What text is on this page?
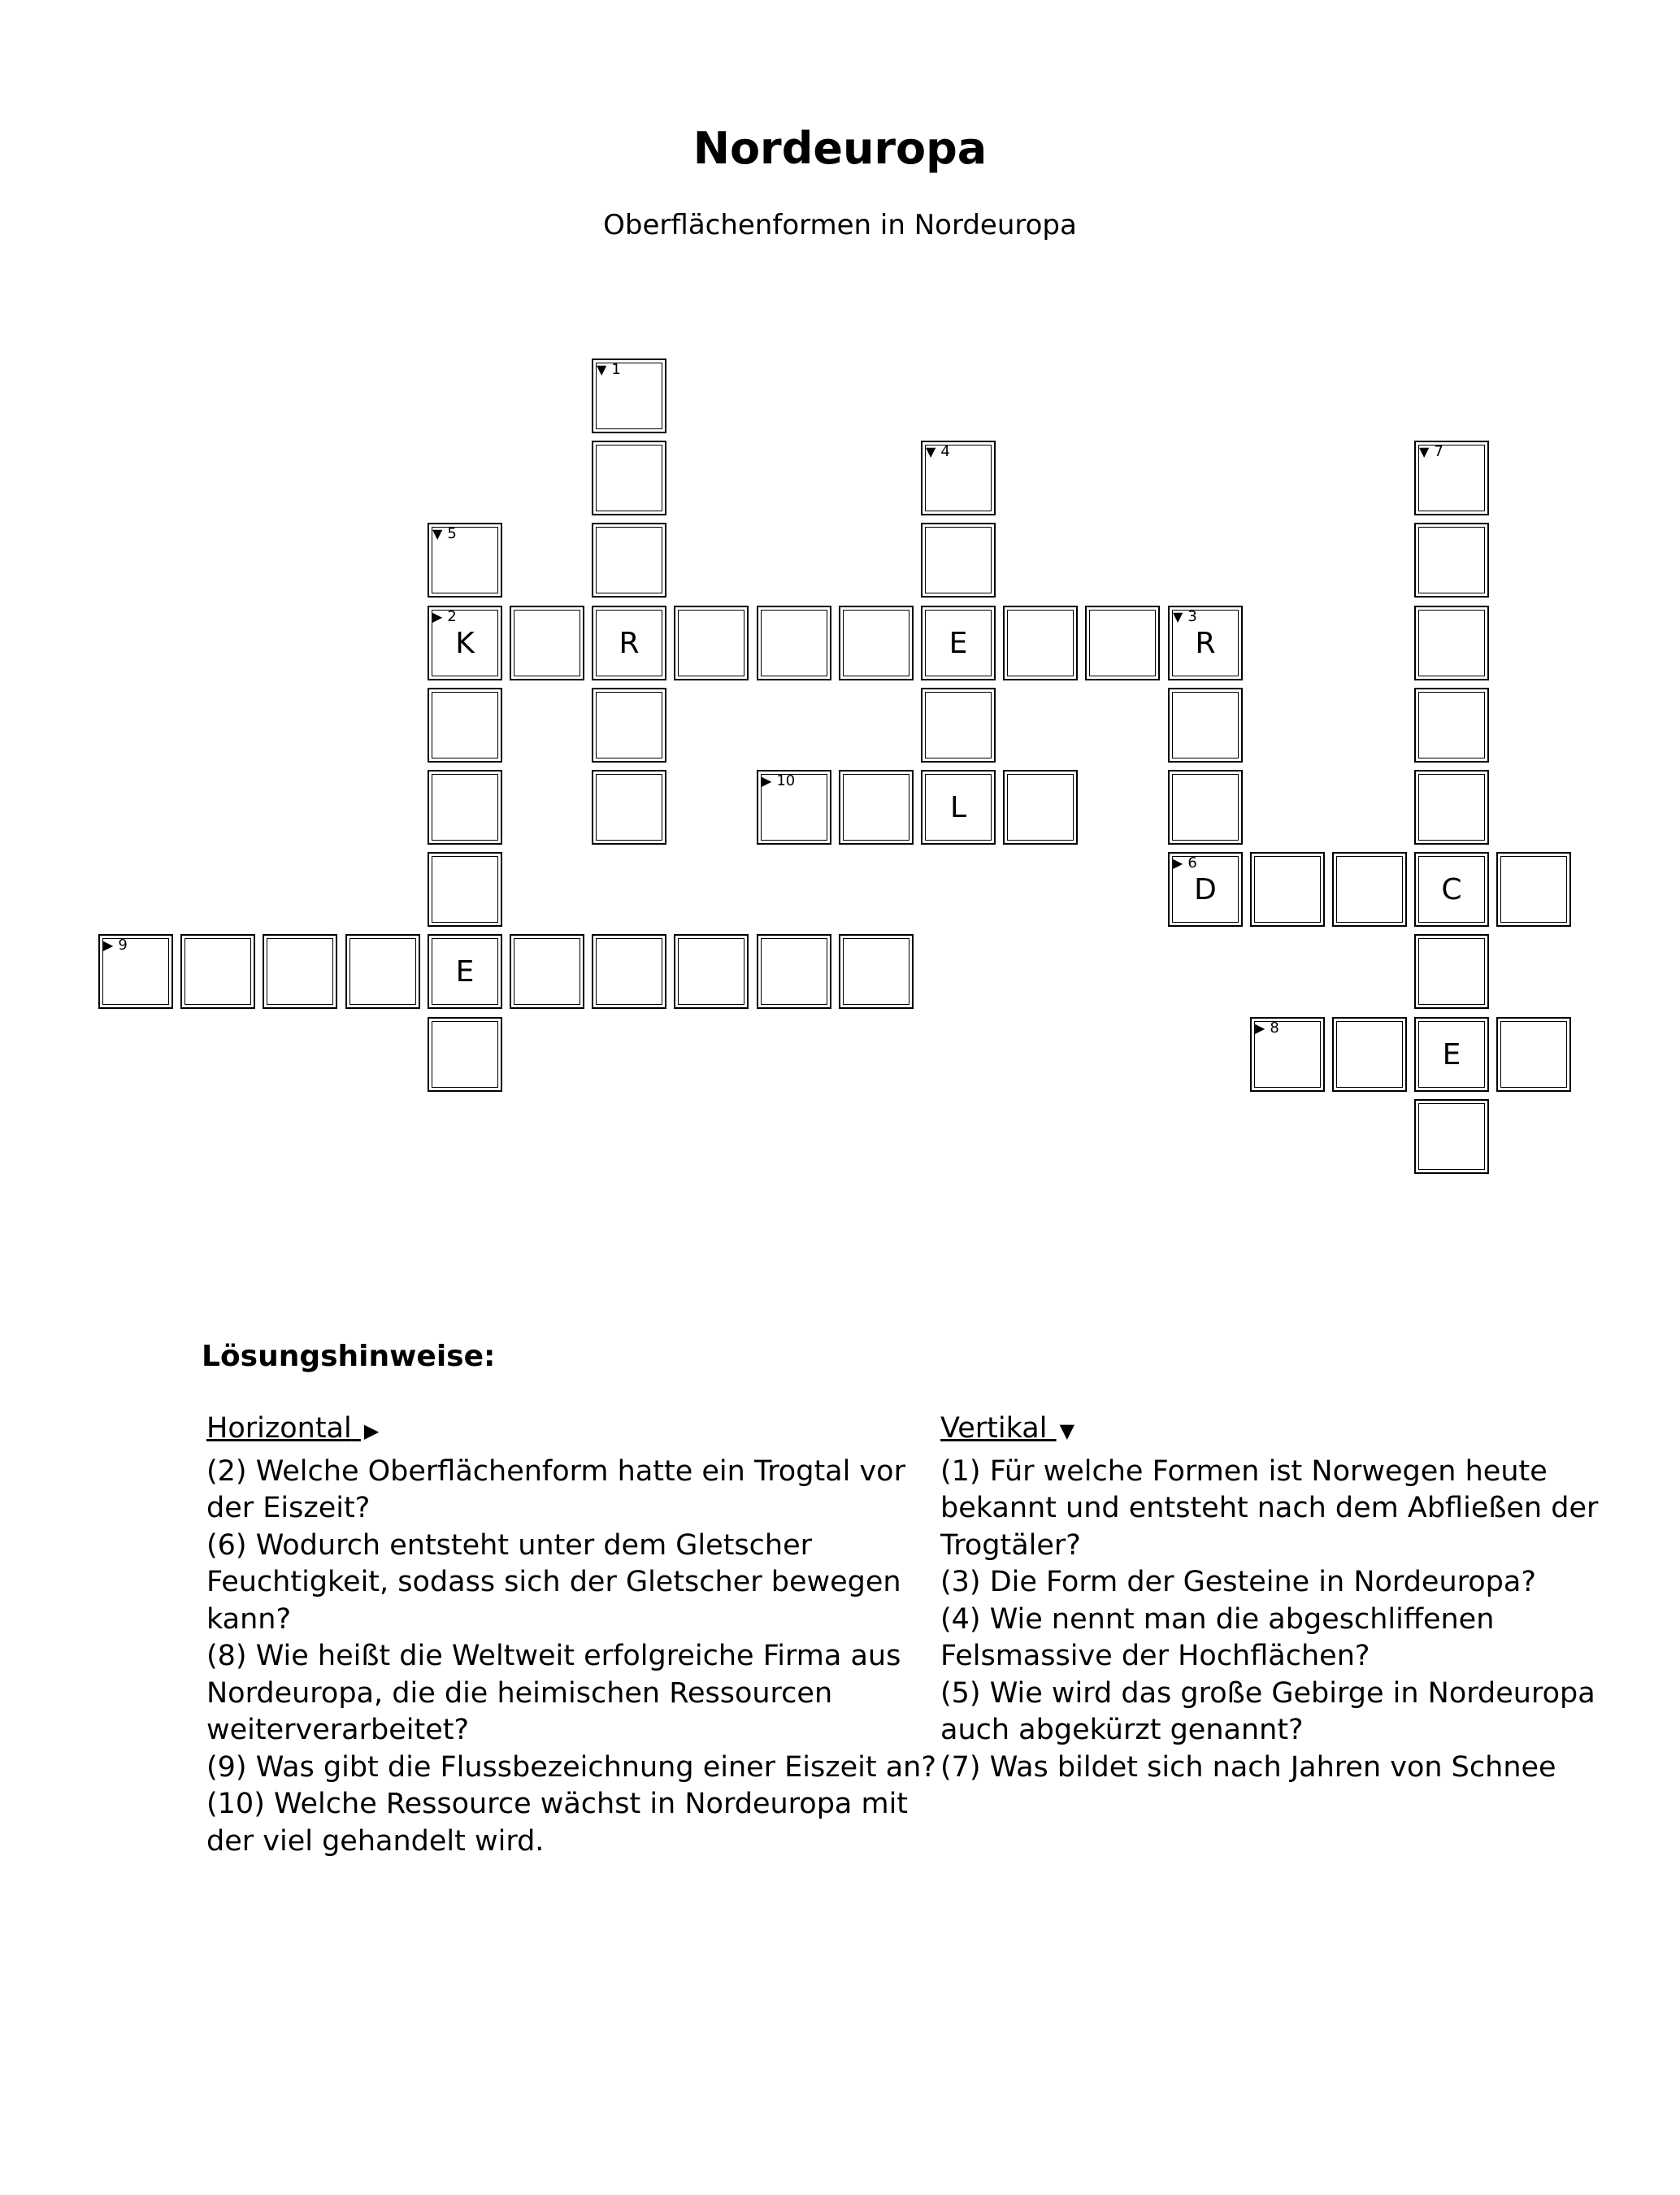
Nordeuropa
Oberflächenformen in Nordeuropa
▼ 1
▼ 4	▼ 7
▼ 5
▶ 2
K	R	E
▼ 3
R
▶ 10
L
▶ 6
D	C
▶ 9
E
▶ 8
E
Lösungshinweise:
Horizontal ▶

(2) Welche Oberflächenform hatte ein Trogtal vor der Eiszeit?

(6) Wodurch entsteht unter dem Gletscher Feuchtigkeit, sodass sich der Gletscher bewegen kann?

(8) Wie heißt die Weltweit erfolgreiche Firma aus Nordeuropa, die die heimischen Ressourcen weiterverarbeitet?

(9) Was gibt die Flussbezeichnung einer Eiszeit an?

(10) Welche Ressource wächst in Nordeuropa mit der viel gehandelt wird.

Vertikal ▼

(1) Für welche Formen ist Norwegen heute bekannt und entsteht nach dem Abfließen der Trogtäler?

(3) Die Form der Gesteine in Nordeuropa?

(4) Wie nennt man die abgeschliffenen Felsmassive der Hochflächen?

(5) Wie wird das große Gebirge in Nordeuropa auch abgekürzt genannt?

(7) Was bildet sich nach Jahren von Schnee
